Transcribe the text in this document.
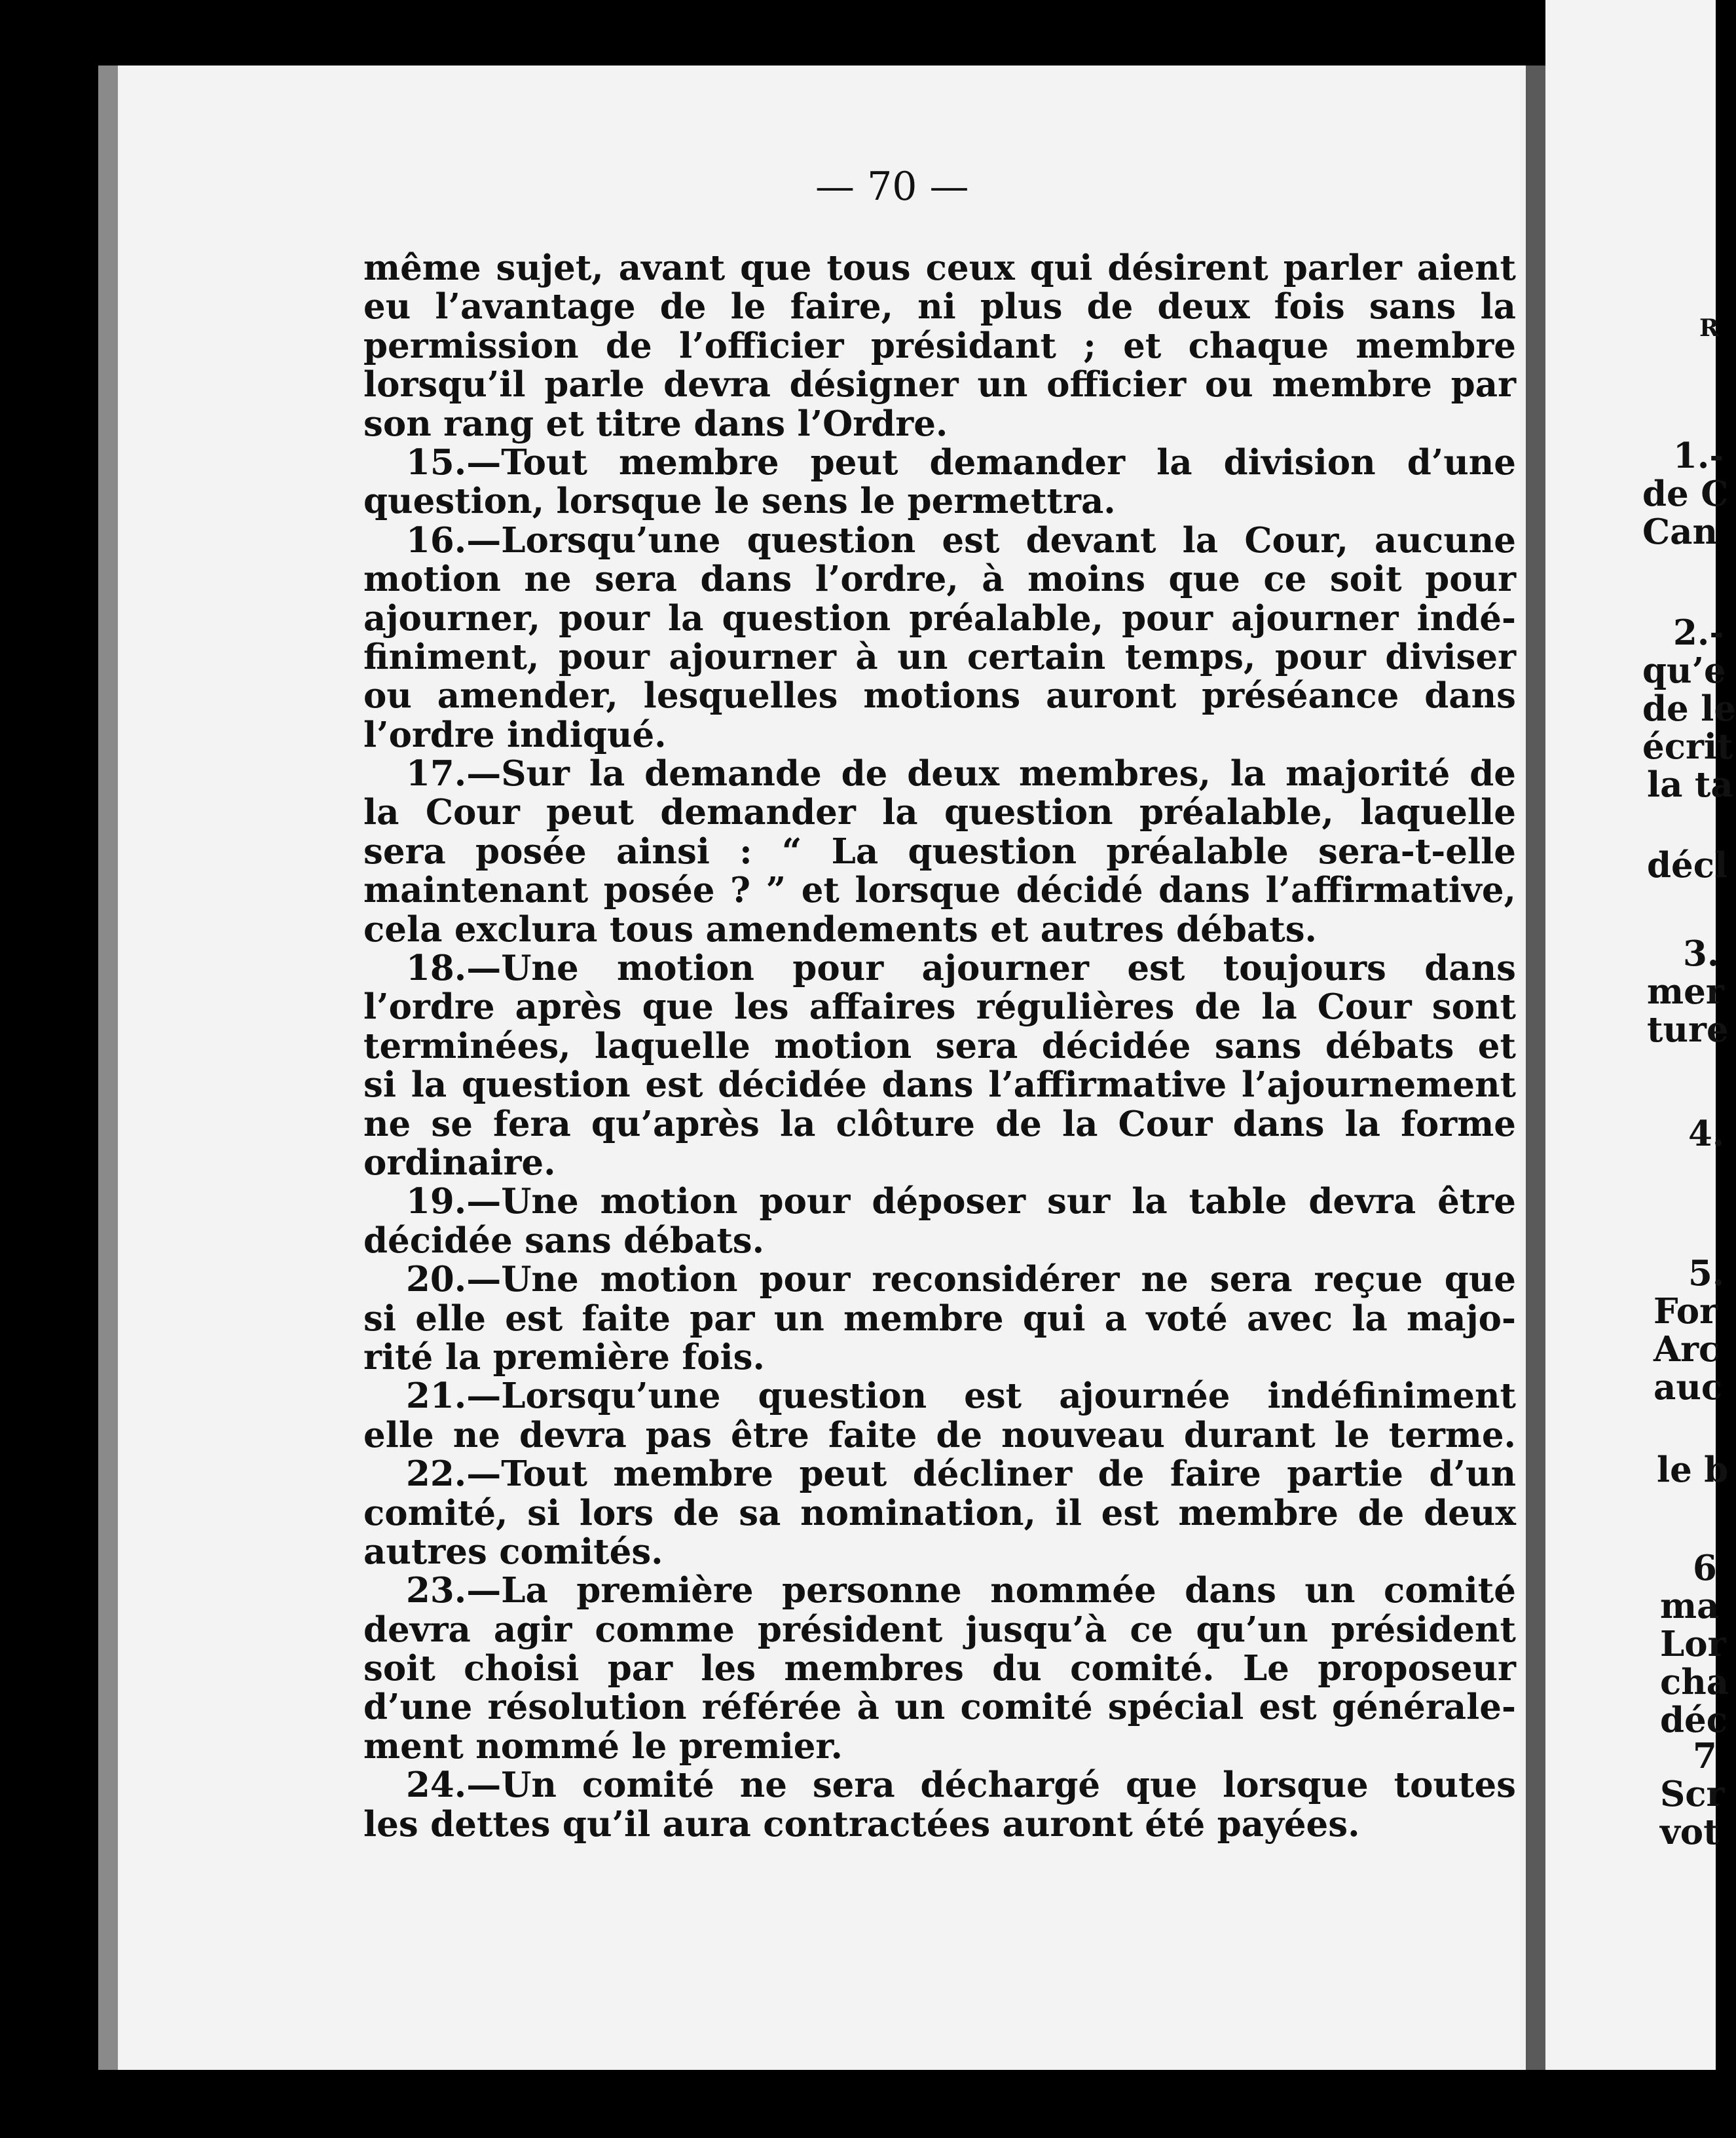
— 70 —
même sujet, avant que tous ceux qui désirent parler aient
eu l’avantage de le faire, ni plus de deux fois sans la
permission de l’officier présidant ; et chaque membre
lorsqu’il parle devra désigner un officier ou membre par
son rang et titre dans l’Ordre.
15.—Tout membre peut demander la division d’une
question, lorsque le sens le permettra.
16.—Lorsqu’une question est devant la Cour, aucune
motion ne sera dans l’ordre, à moins que ce soit pour
ajourner, pour la question préalable, pour ajourner indé-
finiment, pour ajourner à un certain temps, pour diviser
ou amender, lesquelles motions auront préséance dans
l’ordre indiqué.
17.—Sur la demande de deux membres, la majorité de
la Cour peut demander la question préalable, laquelle
sera posée ainsi : “ La question préalable sera-t-elle
maintenant posée ? ” et lorsque décidé dans l’affirmative,
cela exclura tous amendements et autres débats.
18.—Une motion pour ajourner est toujours dans
l’ordre après que les affaires régulières de la Cour sont
terminées, laquelle motion sera décidée sans débats et
si la question est décidée dans l’affirmative l’ajournement
ne se fera qu’après la clôture de la Cour dans la forme
ordinaire.
19.—Une motion pour déposer sur la table devra être
décidée sans débats.
20.—Une motion pour reconsidérer ne sera reçue que
si elle est faite par un membre qui a voté avec la majo-
rité la première fois.
21.—Lorsqu’une question est ajournée indéfiniment
elle ne devra pas être faite de nouveau durant le terme.
22.—Tout membre peut décliner de faire partie d’un
comité, si lors de sa nomination, il est membre de deux
autres comités.
23.—La première personne nommée dans un comité
devra agir comme président jusqu’à ce qu’un président
soit choisi par les membres du comité. Le proposeur
d’une résolution référée à un comité spécial est générale-
ment nommé le premier.
24.—Un comité ne sera déchargé que lorsque toutes
les dettes qu’il aura contractées auront été payées.
R
1.-
de C
Can
2.-
qu’e
de le
écrit
la ta
décl
3.
mer
ture
4.
5.
For
Arc
auc
le b
6
ma
Lor
cha
déc
7
Scr
vot
